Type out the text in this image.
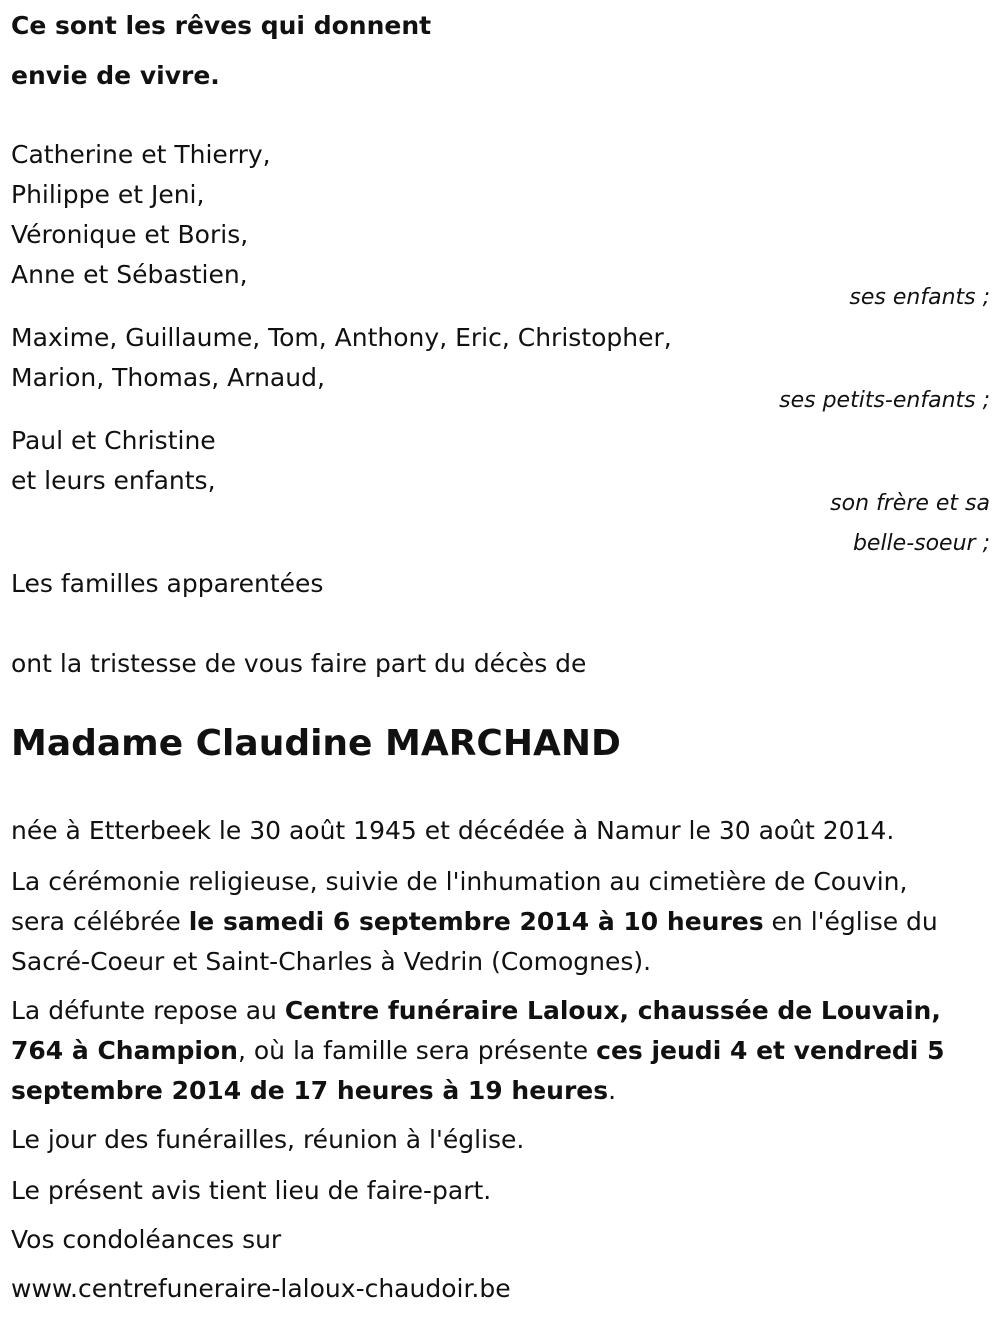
Ce sont les rêves qui donnent
envie de vivre.
Catherine et Thierry,
Philippe et Jeni,
Véronique et Boris,
Anne et Sébastien,
ses enfants ;
Maxime, Guillaume, Tom, Anthony, Eric, Christopher,
Marion, Thomas, Arnaud,
ses petits-enfants ;
Paul et Christine
et leurs enfants,
son frère et sa
belle-soeur ;
Les familles apparentées
ont la tristesse de vous faire part du décès de
Madame Claudine MARCHAND
née à Etterbeek le 30 août 1945 et décédée à Namur le 30 août 2014.
La cérémonie religieuse, suivie de l'inhumation au cimetière de Couvin,
sera célébrée le samedi 6 septembre 2014 à 10 heures en l'église du
Sacré-Coeur et Saint-Charles à Vedrin (Comognes).
La défunte repose au Centre funéraire Laloux, chaussée de Louvain,
764 à Champion, où la famille sera présente ces jeudi 4 et vendredi 5
septembre 2014 de 17 heures à 19 heures.
Le jour des funérailles, réunion à l'église.
Le présent avis tient lieu de faire-part.
Vos condoléances sur
www.centrefuneraire-laloux-chaudoir.be
